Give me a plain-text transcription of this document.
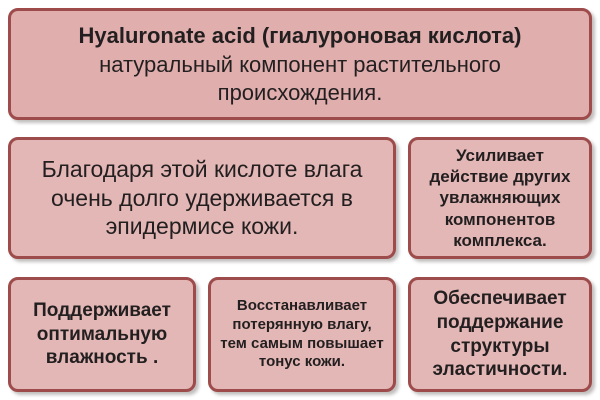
Hyaluronate acid (гиалуроновая кислота)
натуральный компонент растительного происхождения.
Благодаря этой кислоте влага очень долго удерживается в эпидермисе кожи.
Усиливает действие других увлажняющих компонентов комплекса.
Поддерживает оптимальную влажность .
Восстанавливает потерянную влагу, тем самым повышает тонус кожи.
Обеспечивает поддержание структуры эластичности.
